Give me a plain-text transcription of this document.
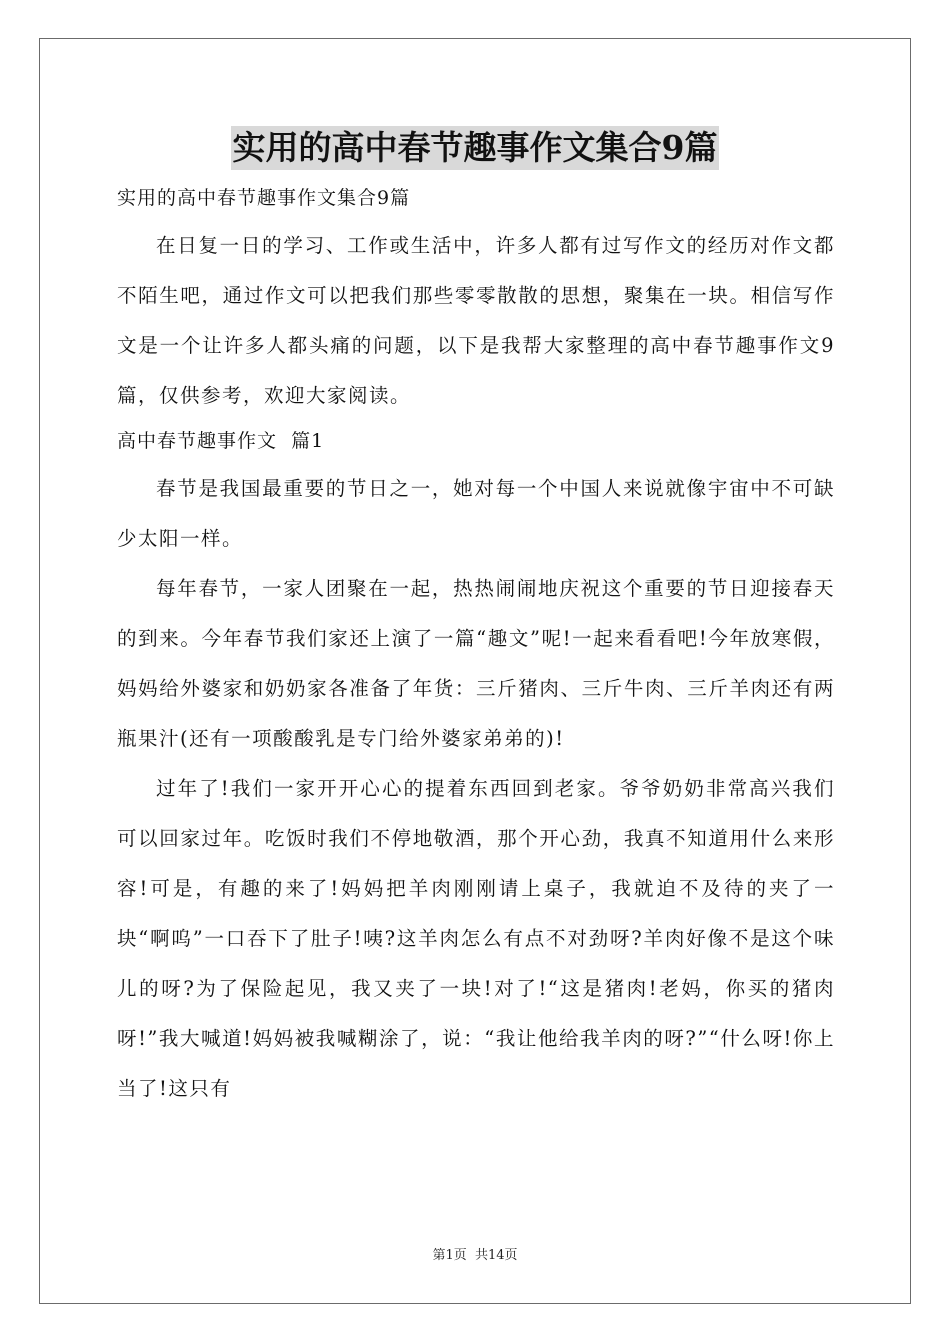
实用的高中春节趣事作文集合9篇

实用的高中春节趣事作文集合9篇

在日复一日的学习、工作或生活中，许多人都有过写作文的经历对作文都不陌生吧，通过作文可以把我们那些零零散散的思想，聚集在一块。相信写作文是一个让许多人都头痛的问题，以下是我帮大家整理的高中春节趣事作文9篇，仅供参考，欢迎大家阅读。

高中春节趣事作文  篇1

春节是我国最重要的节日之一，她对每一个中国人来说就像宇宙中不可缺少太阳一样。

每年春节，一家人团聚在一起，热热闹闹地庆祝这个重要的节日迎接春天的到来。今年春节我们家还上演了一篇“趣文”呢!一起来看看吧!今年放寒假，妈妈给外婆家和奶奶家各准备了年货：三斤猪肉、三斤牛肉、三斤羊肉还有两瓶果汁(还有一项酸酸乳是专门给外婆家弟弟的)!

过年了!我们一家开开心心的提着东西回到老家。爷爷奶奶非常高兴我们可以回家过年。吃饭时我们不停地敬酒，那个开心劲，我真不知道用什么来形容!可是，有趣的来了!妈妈把羊肉刚刚请上桌子，我就迫不及待的夹了一块“啊呜”一口吞下了肚子!咦?这羊肉怎么有点不对劲呀?羊肉好像不是这个味儿的呀?为了保险起见，我又夹了一块!对了!“这是猪肉!老妈，你买的猪肉呀!”我大喊道!妈妈被我喊糊涂了，说：“我让他给我羊肉的呀?”“什么呀!你上当了!这只有

第1页 共14页
